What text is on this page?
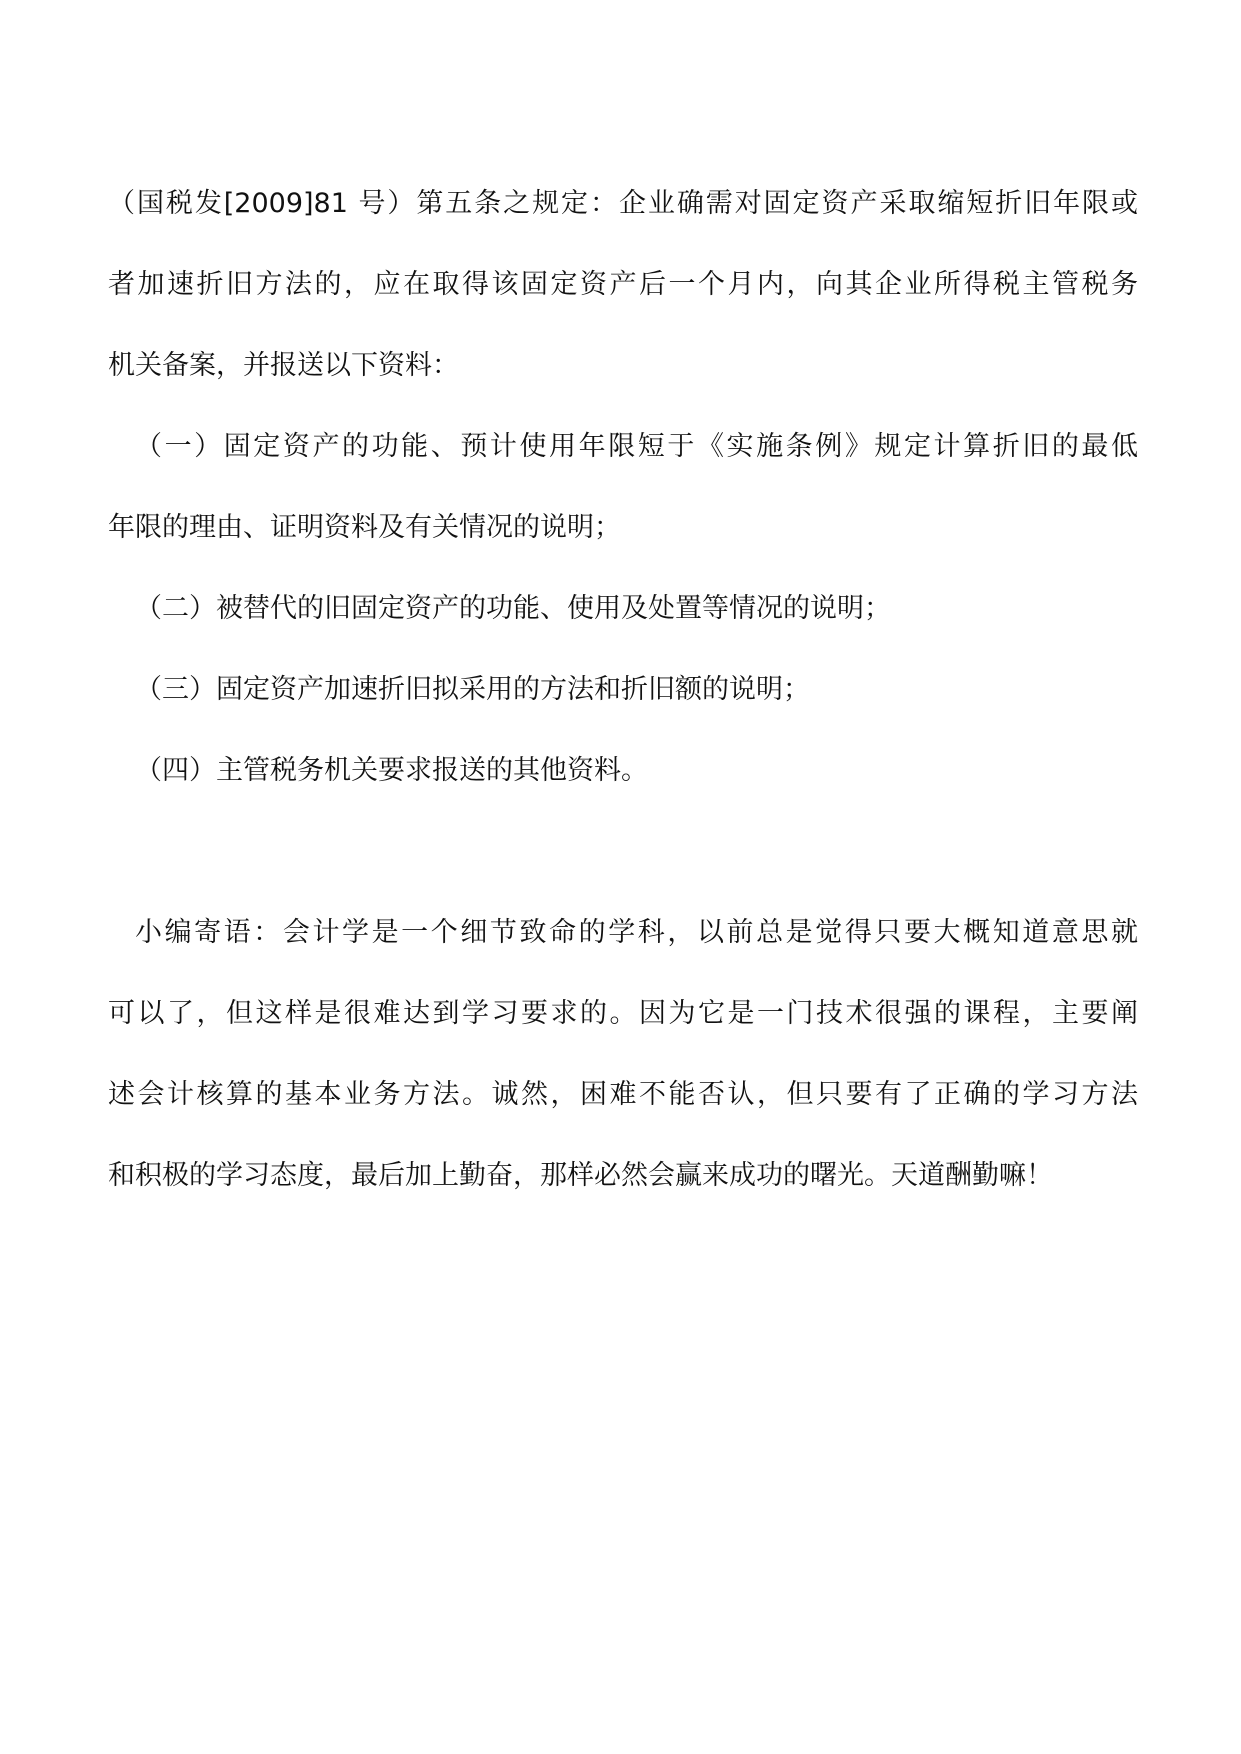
（国税发[2009]81 号）第五条之规定：企业确需对固定资产采取缩短折旧年限或
者加速折旧方法的，应在取得该固定资产后一个月内，向其企业所得税主管税务
机关备案，并报送以下资料：
（一）固定资产的功能、预计使用年限短于《实施条例》规定计算折旧的最低
年限的理由、证明资料及有关情况的说明；
（二）被替代的旧固定资产的功能、使用及处置等情况的说明；
（三）固定资产加速折旧拟采用的方法和折旧额的说明；
（四）主管税务机关要求报送的其他资料。
小编寄语：会计学是一个细节致命的学科，以前总是觉得只要大概知道意思就
可以了，但这样是很难达到学习要求的。因为它是一门技术很强的课程，主要阐
述会计核算的基本业务方法。诚然，困难不能否认，但只要有了正确的学习方法
和积极的学习态度，最后加上勤奋，那样必然会赢来成功的曙光。天道酬勤嘛！
